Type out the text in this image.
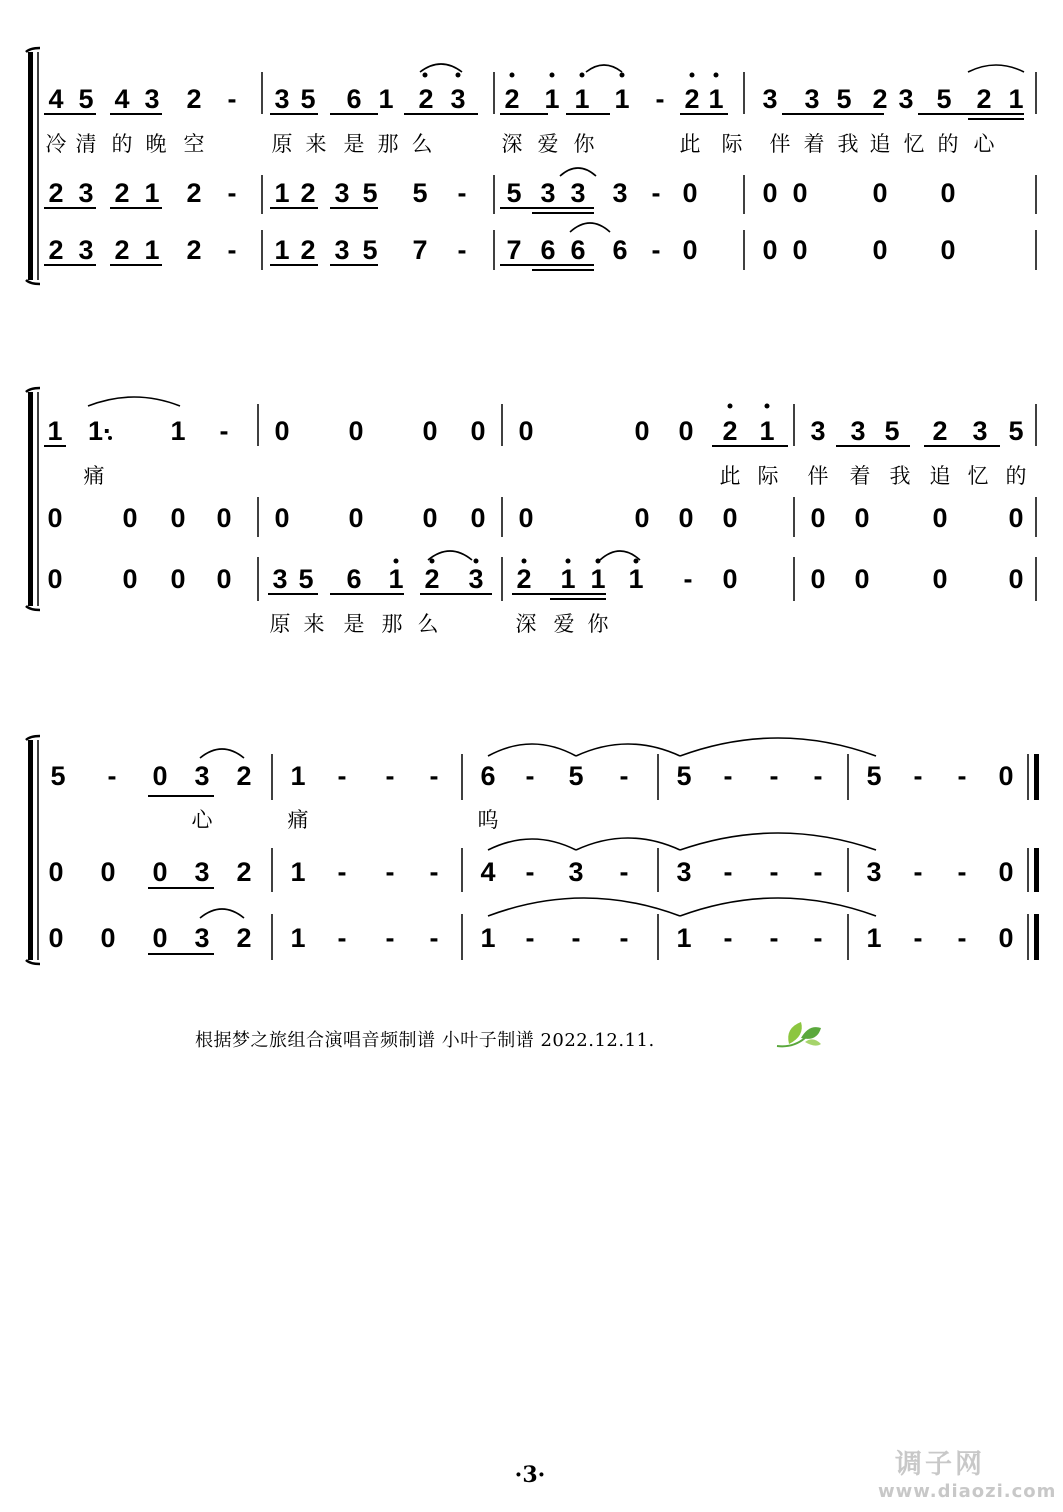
4 5 4 3 2 - 3 5 6 1 2 3 2 1 1 1 - 2 1 3 3 5 2 3 5 2 1
冷 清 的 晚 空	原 来 是 那 么	深 爱 你	此 际 伴 着 我 追 忆 的 心
2 3 2 1 2 - 1 2 3 5 5 - 5 3 3 3 - 0 0 0 0 0
2 3 2 1 2 - 1 2 3 5 7 - 7 6 6 6 - 0 0 0 0 0
1 1· 1 - 0 0 0 0 0	0 0 2 1 3 3 5 2 3 5
痛	此 际 伴 着 我 追 忆 的
0 0 0 0 0 0 0 0 0	0 0 0	0 0 0 0
0 0 0 0 3 5 6 1 2 3 2 1 1 1 - 0	0 0 0 0
原 来 是 那 么	深 爱 你
5 - 0 3 2 1 - - - 6 - 5 - 5 - - - 5 - - 0
心	痛	呜
0 0 0 3 2 1 - - - 4 - 3 - 3 - - - 3 - - 0
0 0 0 3 2 1 - - - 1 - - - 1 - - - 1 - - 0
根据梦之旅组合演唱音频制谱 小叶子制谱 2022.12.11.
·3·	调子网
www.diaozi.com
